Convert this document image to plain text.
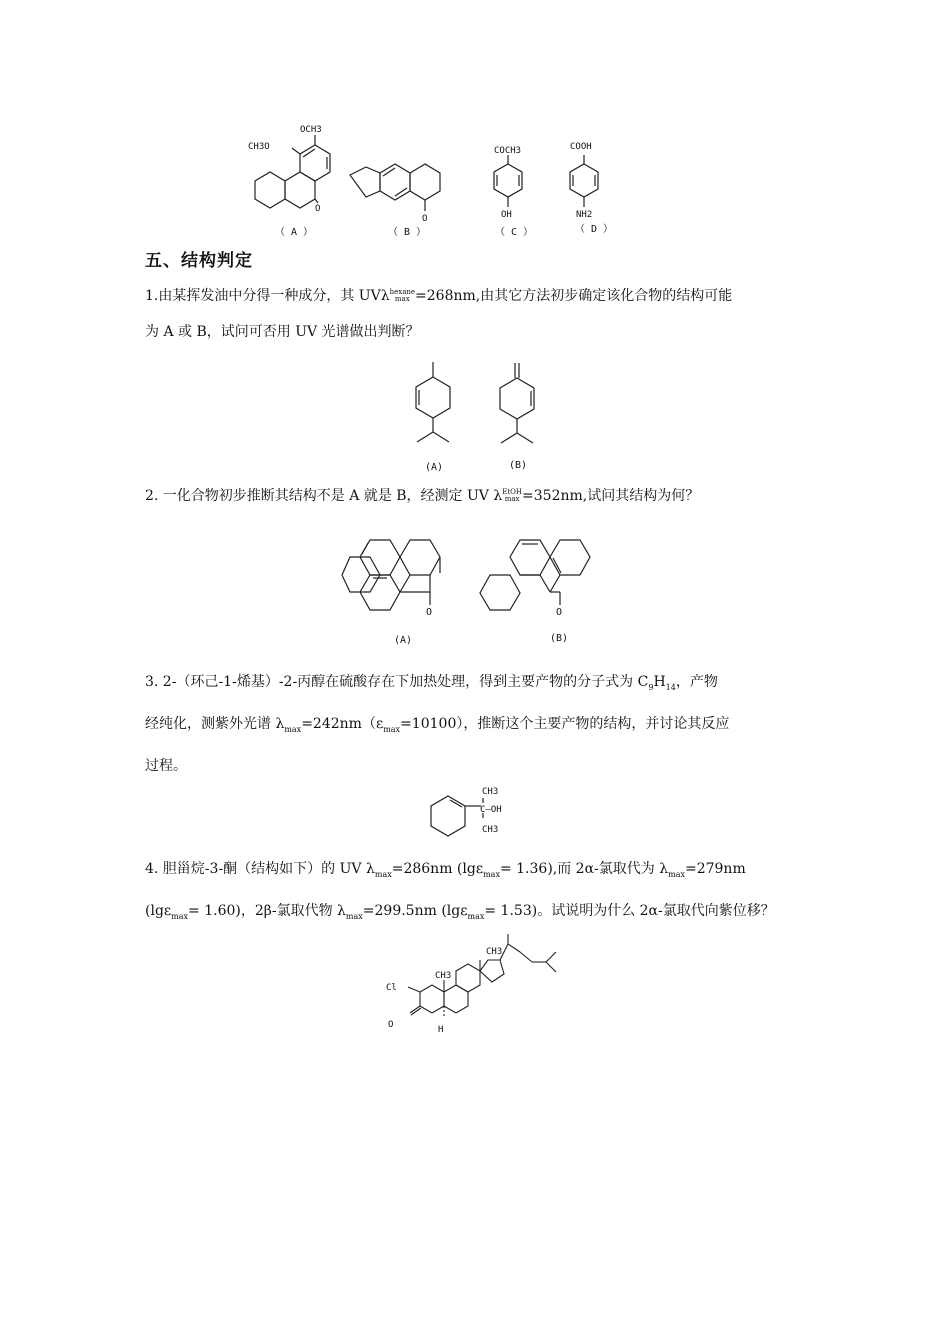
OCH3
CH3O
O
O
COCH3
OH
COOH
NH2
（ A ）	（ B ）	（ C ）	（ D ）
五、结构判定

1.由某挥发油中分得一种成分，其 UVλhexane
max =268nm,由其它方法初步确定该化合物的结构可能

为 A 或 B，试问可否用 UV 光谱做出判断？

(A)	(B)

2. 一化合物初步推断其结构不是 A 就是 B，经测定 UV λEtOH
max =352nm,试问其结构为何？

O	O
(A)	(B)

3. 2-（环己-1-烯基）-2-丙醇在硫酸存在下加热处理，得到主要产物的分子式为 $C_9H_{14}$，产物

经纯化，测紫外光谱 $\lambda_{max}=242nm(\varepsilon_{max}=10100)$，推断这个主要产物的结构，并讨论其反应

过程。

CH3
C—OH
CH3

4. 胆甾烷-3-酮（结构如下）的 UV $\lambda_{max}=286nm$ (lgε$_{max}$= 1.36),而 2α-氯取代为 $\lambda_{max}=279nm$

(lgε$_{max}$= 1.60)，2β-氯取代物 $\lambda_{max}=299.5nm$ (lgε$_{max}$= 1.53)。试说明为什么 2α-氯取代向紫位移？

CH3
CH3
Cl
O	H
